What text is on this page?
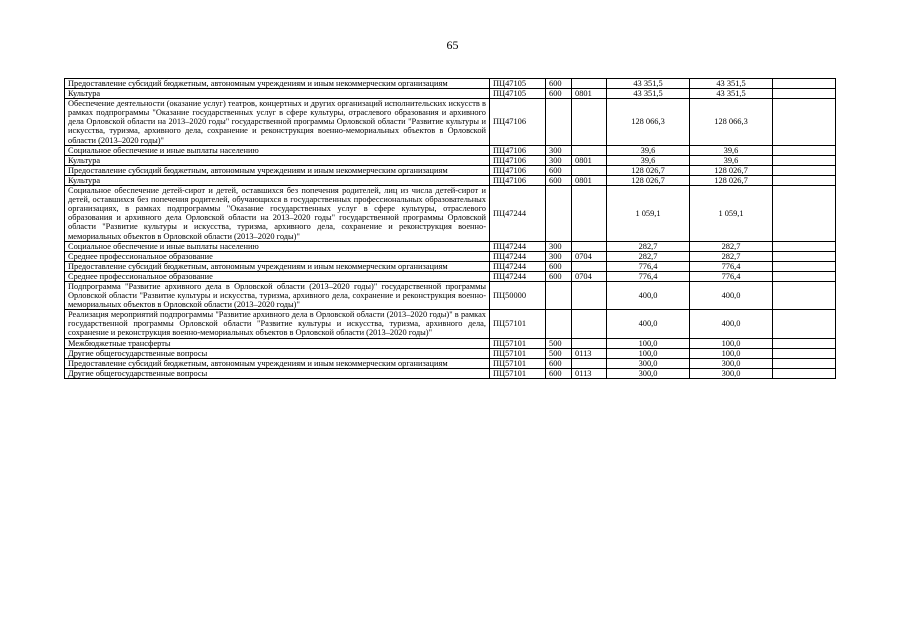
65
Предоставление субсидий бюджетным, автономным учреждениям и иным некоммерческим организациям	ПЦ47105	600		43 351,5	43 351,5	
Культура	ПЦ47105	600	0801	43 351,5	43 351,5	
Обеспечение деятельности (оказание услуг) театров, концертных и других организаций исполнительских искусств в рамках подпрограммы "Оказание государственных услуг в сфере культуры, отраслевого образования и архивного дела Орловской области на 2013–2020 годы" государственной программы Орловской области "Развитие культуры и искусства, туризма, архивного дела, сохранение и реконструкция военно-мемориальных объектов в Орловской области (2013–2020 годы)"	ПЦ47106			128 066,3	128 066,3	
Социальное обеспечение и иные выплаты населению	ПЦ47106	300		39,6	39,6	
Культура	ПЦ47106	300	0801	39,6	39,6	
Предоставление субсидий бюджетным, автономным учреждениям и иным некоммерческим организациям	ПЦ47106	600		128 026,7	128 026,7	
Культура	ПЦ47106	600	0801	128 026,7	128 026,7	
Социальное обеспечение детей-сирот и детей, оставшихся без попечения родителей, лиц из числа детей-сирот и детей, оставшихся без попечения родителей, обучающихся в государственных профессиональных образовательных организациях, в рамках подпрограммы "Оказание государственных услуг в сфере культуры, отраслевого образования и архивного дела Орловской области на 2013–2020 годы" государственной программы Орловской области "Развитие культуры и искусства, туризма, архивного дела, сохранение и реконструкция военно-мемориальных объектов в Орловской области (2013–2020 годы)"	ПЦ47244			1 059,1	1 059,1	
Социальное обеспечение и иные выплаты населению	ПЦ47244	300		282,7	282,7	
Среднее профессиональное образование	ПЦ47244	300	0704	282,7	282,7	
Предоставление субсидий бюджетным, автономным учреждениям и иным некоммерческим организациям	ПЦ47244	600		776,4	776,4	
Среднее профессиональное образование	ПЦ47244	600	0704	776,4	776,4	
Подпрограмма "Развитие архивного дела в Орловской области (2013–2020 годы)" государственной программы Орловской области "Развитие культуры и искусства, туризма, архивного дела, сохранение и реконструкция военно-мемориальных объектов в Орловской области (2013–2020 годы)"	ПЦ50000			400,0	400,0	
Реализация мероприятий подпрограммы "Развитие архивного дела в Орловской области (2013–2020 годы)" в рамках государственной программы Орловской области "Развитие культуры и искусства, туризма, архивного дела, сохранение и реконструкция военно-мемориальных объектов в Орловской области (2013–2020 годы)"	ПЦ57101			400,0	400,0	
Межбюджетные трансферты	ПЦ57101	500		100,0	100,0	
Другие общегосударственные вопросы	ПЦ57101	500	0113	100,0	100,0	
Предоставление субсидий бюджетным, автономным учреждениям и иным некоммерческим организациям	ПЦ57101	600		300,0	300,0	
Другие общегосударственные вопросы	ПЦ57101	600	0113	300,0	300,0	
